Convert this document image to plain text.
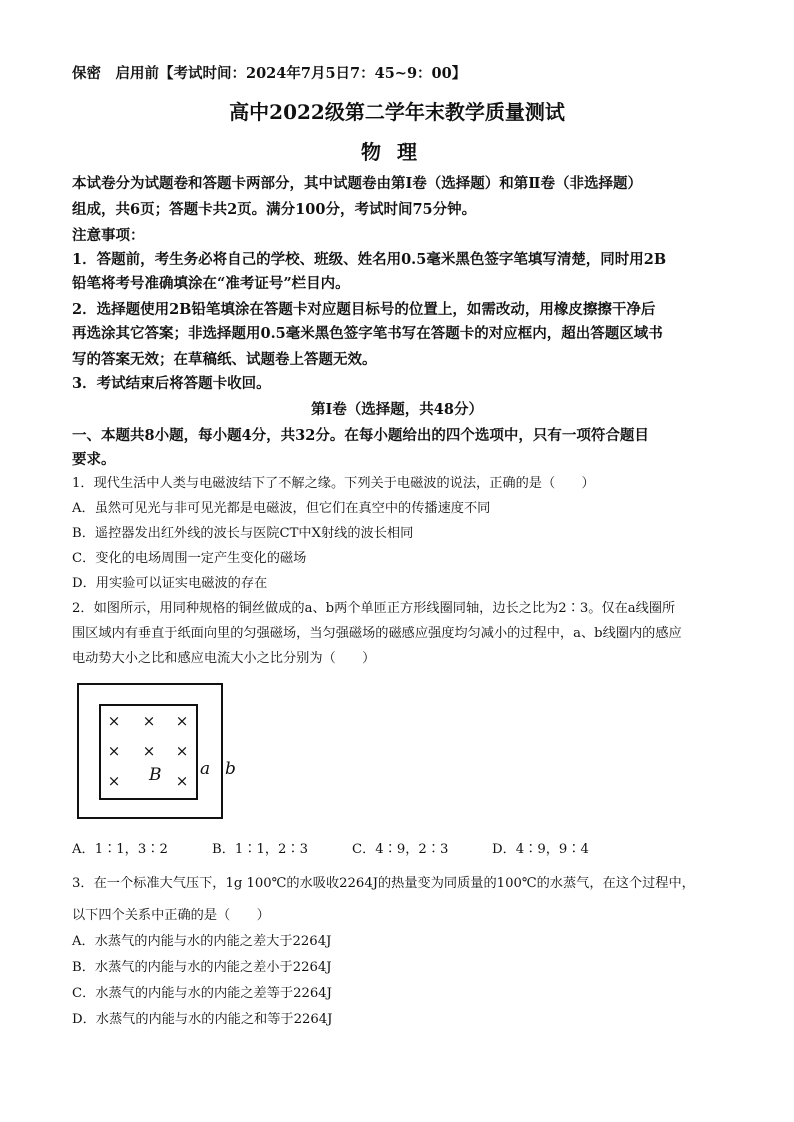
保密　启用前【考试时间：2024年7月5日7：45~9：00】
高中2022级第二学年末教学质量测试
物理
本试卷分为试题卷和答题卡两部分，其中试题卷由第Ⅰ卷（选择题）和第Ⅱ卷（非选择题）
组成，共6页；答题卡共2页。满分100分，考试时间75分钟。
注意事项：
1．答题前，考生务必将自己的学校、班级、姓名用0.5毫米黑色签字笔填写清楚，同时用2B
铅笔将考号准确填涂在“准考证号”栏目内。
2．选择题使用2B铅笔填涂在答题卡对应题目标号的位置上，如需改动，用橡皮擦擦干净后
再选涂其它答案；非选择题用0.5毫米黑色签字笔书写在答题卡的对应框内，超出答题区域书
写的答案无效；在草稿纸、试题卷上答题无效。
3．考试结束后将答题卡收回。
第Ⅰ卷（选择题，共48分）
一、本题共8小题，每小题4分，共32分。在每小题给出的四个选项中，只有一项符合题目
要求。
1．现代生活中人类与电磁波结下了不解之缘。下列关于电磁波的说法，正确的是（　　）
A．虽然可见光与非可见光都是电磁波，但它们在真空中的传播速度不同
B．遥控器发出红外线的波长与医院CT中X射线的波长相同
C．变化的电场周围一定产生变化的磁场
D．用实验可以证实电磁波的存在
2．如图所示，用同种规格的铜丝做成的a、b两个单匝正方形线圈同轴，边长之比为2∶3。仅在a线圈所
围区域内有垂直于纸面向里的匀强磁场，当匀强磁场的磁感应强度均匀减小的过程中，a、b线圈内的感应
电动势大小之比和感应电流大小之比分别为（　　）
× × ×
× × ×
×	×
B a b
A．1∶1，3∶2	B．1∶1，2∶3	C．4∶9，2∶3	D．4∶9，9∶4
3．在一个标准大气压下，1g 100℃的水吸收2264J的热量变为同质量的100℃的水蒸气，在这个过程中，
以下四个关系中正确的是（　　）
A．水蒸气的内能与水的内能之差大于2264J
B．水蒸气的内能与水的内能之差小于2264J
C．水蒸气的内能与水的内能之差等于2264J
D．水蒸气的内能与水的内能之和等于2264J
